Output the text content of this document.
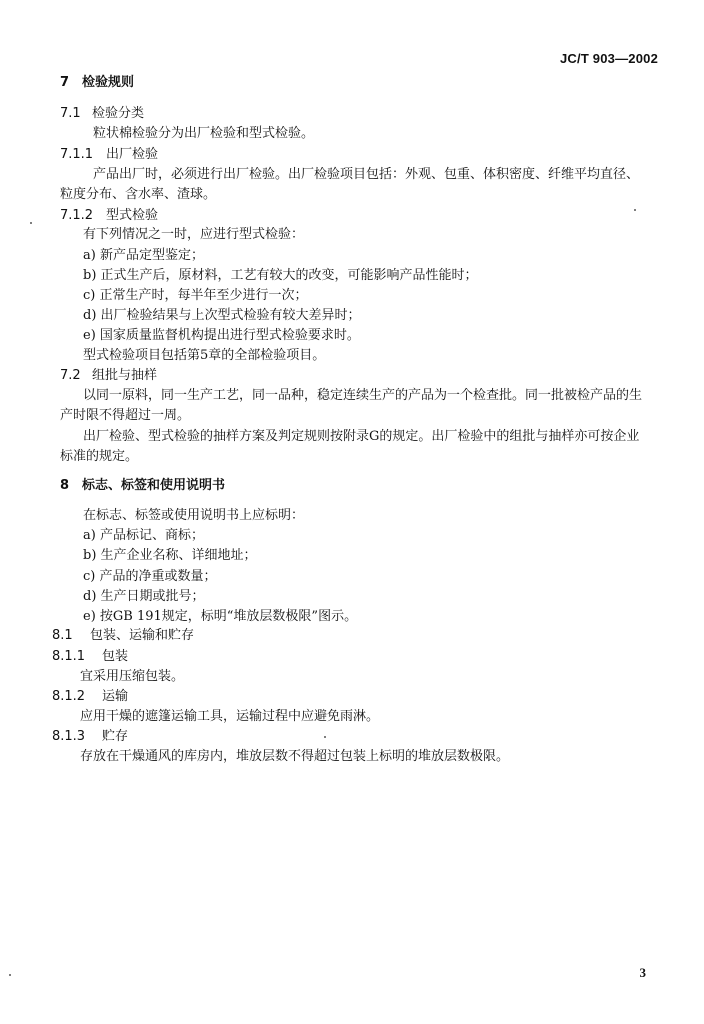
JC/T 903—2002
7 检验规则
7.1 检验分类
粒状棉检验分为出厂检验和型式检验。
7.1.1 出厂检验
产品出厂时，必须进行出厂检验。出厂检验项目包括：外观、包重、体积密度、纤维平均直径、
粒度分布、含水率、渣球。
7.1.2 型式检验
有下列情况之一时，应进行型式检验：
a) 新产品定型鉴定；
b) 正式生产后，原材料，工艺有较大的改变，可能影响产品性能时；
c) 正常生产时，每半年至少进行一次；
d) 出厂检验结果与上次型式检验有较大差异时；
e) 国家质量监督机构提出进行型式检验要求时。
型式检验项目包括第5章的全部检验项目。
7.2 组批与抽样
以同一原料，同一生产工艺，同一品种，稳定连续生产的产品为一个检查批。同一批被检产品的生
产时限不得超过一周。
出厂检验、型式检验的抽样方案及判定规则按附录G的规定。出厂检验中的组批与抽样亦可按企业
标准的规定。
8 标志、标签和使用说明书
在标志、标签或使用说明书上应标明：
a) 产品标记、商标；
b) 生产企业名称、详细地址；
c) 产品的净重或数量；
d) 生产日期或批号；
e) 按GB 191规定，标明“堆放层数极限”图示。
8.1 包装、运输和贮存
8.1.1 包装
宜采用压缩包装。
8.1.2 运输
应用干燥的遮篷运输工具，运输过程中应避免雨淋。
8.1.3 贮存
存放在干燥通风的库房内，堆放层数不得超过包装上标明的堆放层数极限。
3
